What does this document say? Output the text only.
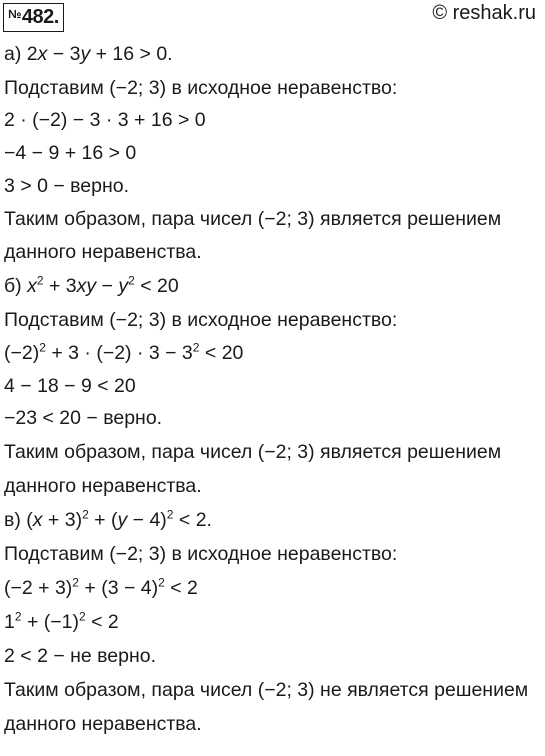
№482.	© reshak.ru
а) 2x − 3y + 16 > 0.
Подставим (−2; 3) в исходное неравенство:
2 · (−2) − 3 · 3 + 16 > 0
−4 − 9 + 16 > 0
3 > 0 − верно.
Таким образом, пара чисел (−2; 3) является решением
данного неравенства.
б) $x^2 + 3xy - y^2 < 20$
Подставим (−2; 3) в исходное неравенство:
$(-2)^2 + 3 \cdot (-2) \cdot 3 - 3^2 < 20$
4 − 18 − 9 < 20
−23 < 20 − верно.
Таким образом, пара чисел (−2; 3) является решением
данного неравенства.
в) $(x + 3)^2 + (y - 4)^2 < 2$.
Подставим (−2; 3) в исходное неравенство:
$(-2 + 3)^2 + (3 - 4)^2 < 2$
$1^2 + (-1)^2 < 2$
2 < 2 − не верно.
Таким образом, пара чисел (−2; 3) не является решением
данного неравенства.
